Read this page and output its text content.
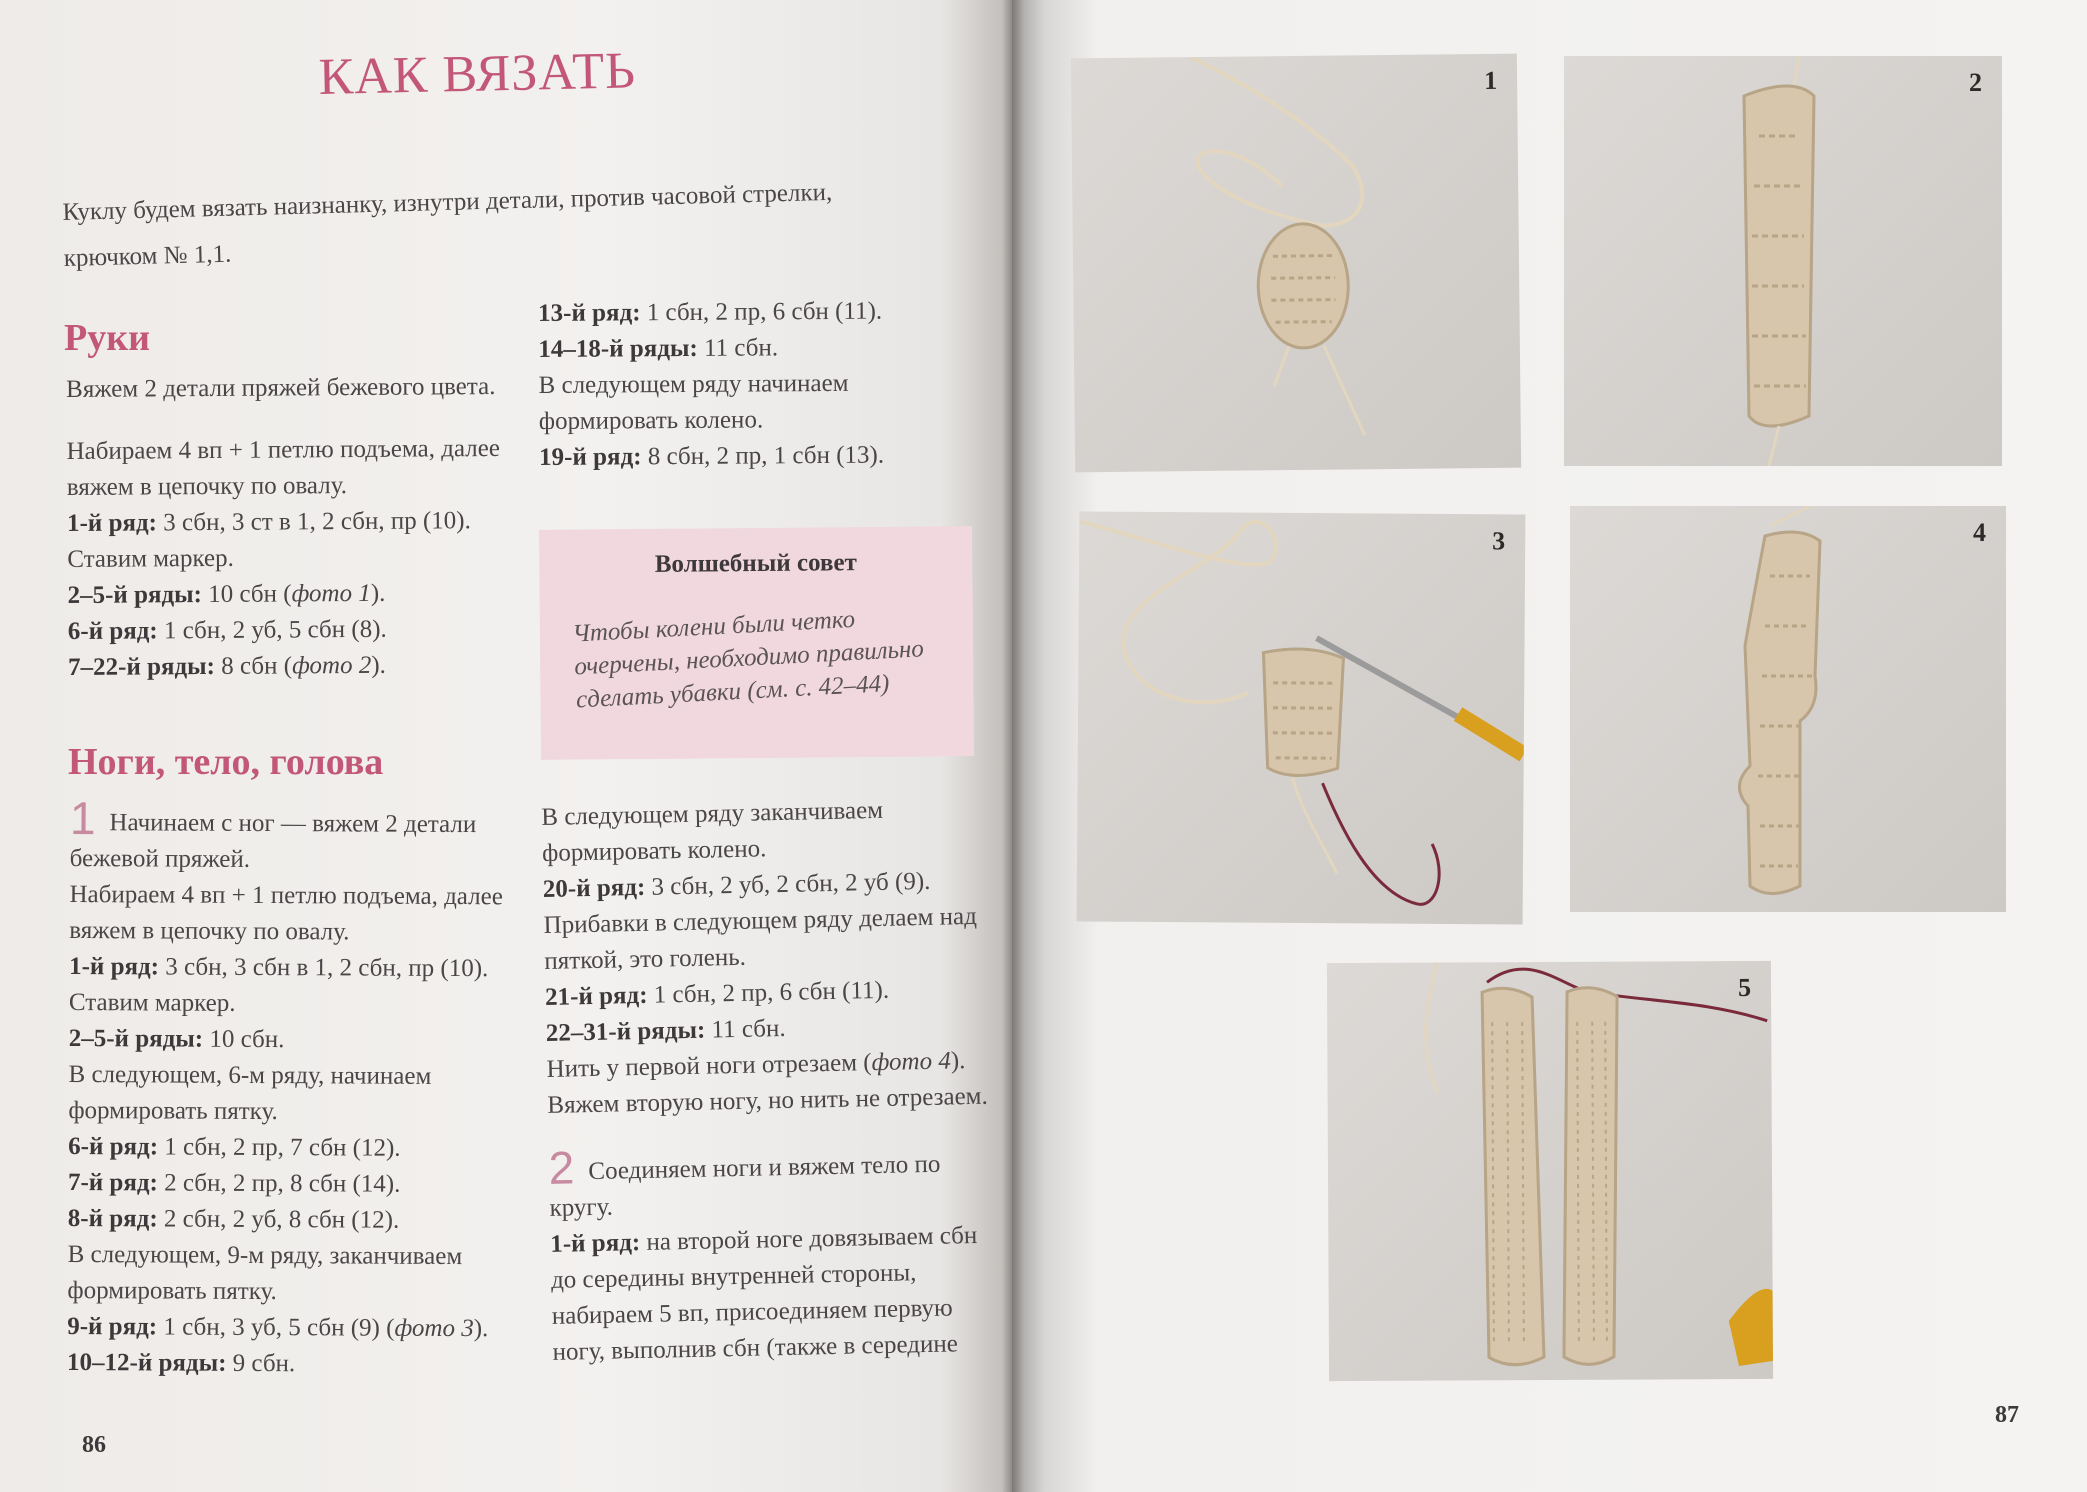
КАК ВЯЗАТЬ
Куклу будем вязать наизнанку, изнутри детали, против часовой стрелки, крючком № 1,1.
Руки

Вяжем 2 детали пряжей бежевого цвета.

Набираем 4 вп + 1 петлю подъема, далее вяжем в цепочку по овалу.

1-й ряд: 3 сбн, 3 ст в 1, 2 сбн, пр (10).

Ставим маркер.

2–5-й ряды: 10 сбн (фото 1).

6-й ряд: 1 сбн, 2 уб, 5 сбн (8).

7–22-й ряды: 8 сбн (фото 2).

Ноги, тело, голова

1 Начинаем с ног — вяжем 2 детали бежевой пряжей.

Набираем 4 вп + 1 петлю подъема, далее вяжем в цепочку по овалу.

1-й ряд: 3 сбн, 3 сбн в 1, 2 сбн, пр (10).

Ставим маркер.

2–5-й ряды: 10 сбн.

В следующем, 6-м ряду, начинаем формировать пятку.

6-й ряд: 1 сбн, 2 пр, 7 сбн (12).

7-й ряд: 2 сбн, 2 пр, 8 сбн (14).

8-й ряд: 2 сбн, 2 уб, 8 сбн (12).

В следующем, 9-м ряду, заканчиваем формировать пятку.

9-й ряд: 1 сбн, 3 уб, 5 сбн (9) (фото 3).

10–12-й ряды: 9 сбн.

13-й ряд: 1 сбн, 2 пр, 6 сбн (11).

14–18-й ряды: 11 сбн.

В следующем ряду начинаем формировать колено.

19-й ряд: 8 сбн, 2 пр, 1 сбн (13).

Волшебный совет
Чтобы колени были четко очерчены, необходимо правильно сделать убавки (см. с. 42–44)

В следующем ряду заканчиваем формировать колено.

20-й ряд: 3 сбн, 2 уб, 2 сбн, 2 уб (9).

Прибавки в следующем ряду делаем над пяткой, это голень.

21-й ряд: 1 сбн, 2 пр, 6 сбн (11).

22–31-й ряды: 11 сбн.

Нить у первой ноги отрезаем (фото 4).

Вяжем вторую ногу, но нить не отрезаем.

2 Соединяем ноги и вяжем тело по кругу.

1-й ряд: на второй ноге довязываем сбн до середины внутренней стороны, набираем 5 вп, присоединяем первую ногу, выполнив сбн (также в середине

86
1	2
3	4
5
87
